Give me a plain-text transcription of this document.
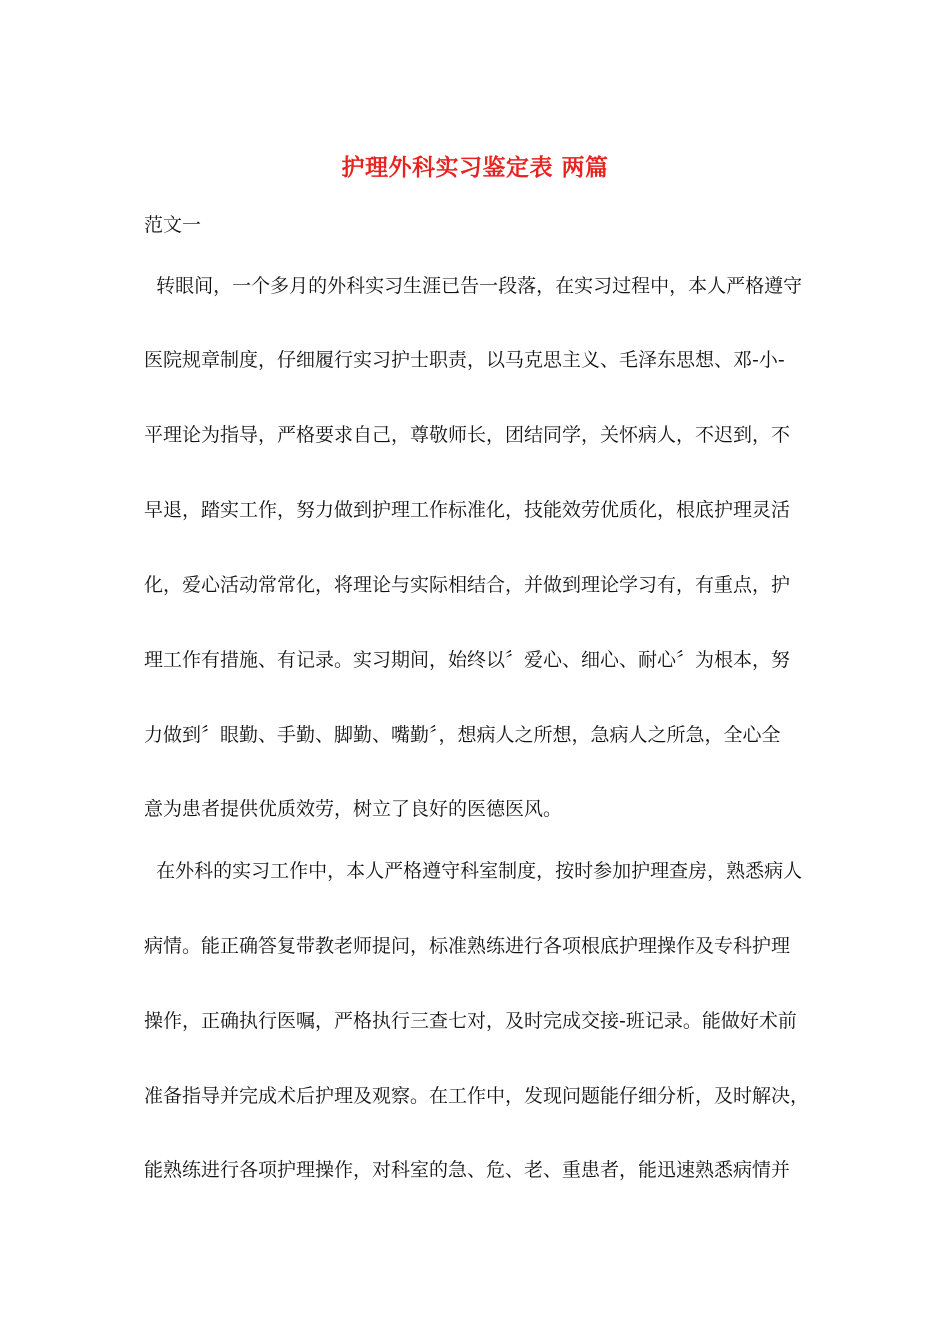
护理外科实习鉴定表 两篇
范文一
转眼间，一个多月的外科实习生涯已告一段落，在实习过程中，本人严格遵守
医院规章制度，仔细履行实习护士职责，以马克思主义、毛泽东思想、邓-小-
平理论为指导，严格要求自己，尊敬师长，团结同学，关怀病人，不迟到，不
早退，踏实工作，努力做到护理工作标准化，技能效劳优质化，根底护理灵活
化，爱心活动常常化，将理论与实际相结合，并做到理论学习有，有重点，护
理工作有措施、有记录。实习期间，始终以〞爱心、细心、耐心〞为根本，努
力做到〞眼勤、手勤、脚勤、嘴勤〞，想病人之所想，急病人之所急，全心全
意为患者提供优质效劳，树立了良好的医德医风。
在外科的实习工作中，本人严格遵守科室制度，按时参加护理查房，熟悉病人
病情。能正确答复带教老师提问，标准熟练进行各项根底护理操作及专科护理
操作，正确执行医嘱，严格执行三查七对，及时完成交接-班记录。能做好术前
准备指导并完成术后护理及观察。在工作中，发现问题能仔细分析，及时解决，
能熟练进行各项护理操作，对科室的急、危、老、重患者，能迅速熟悉病情并
